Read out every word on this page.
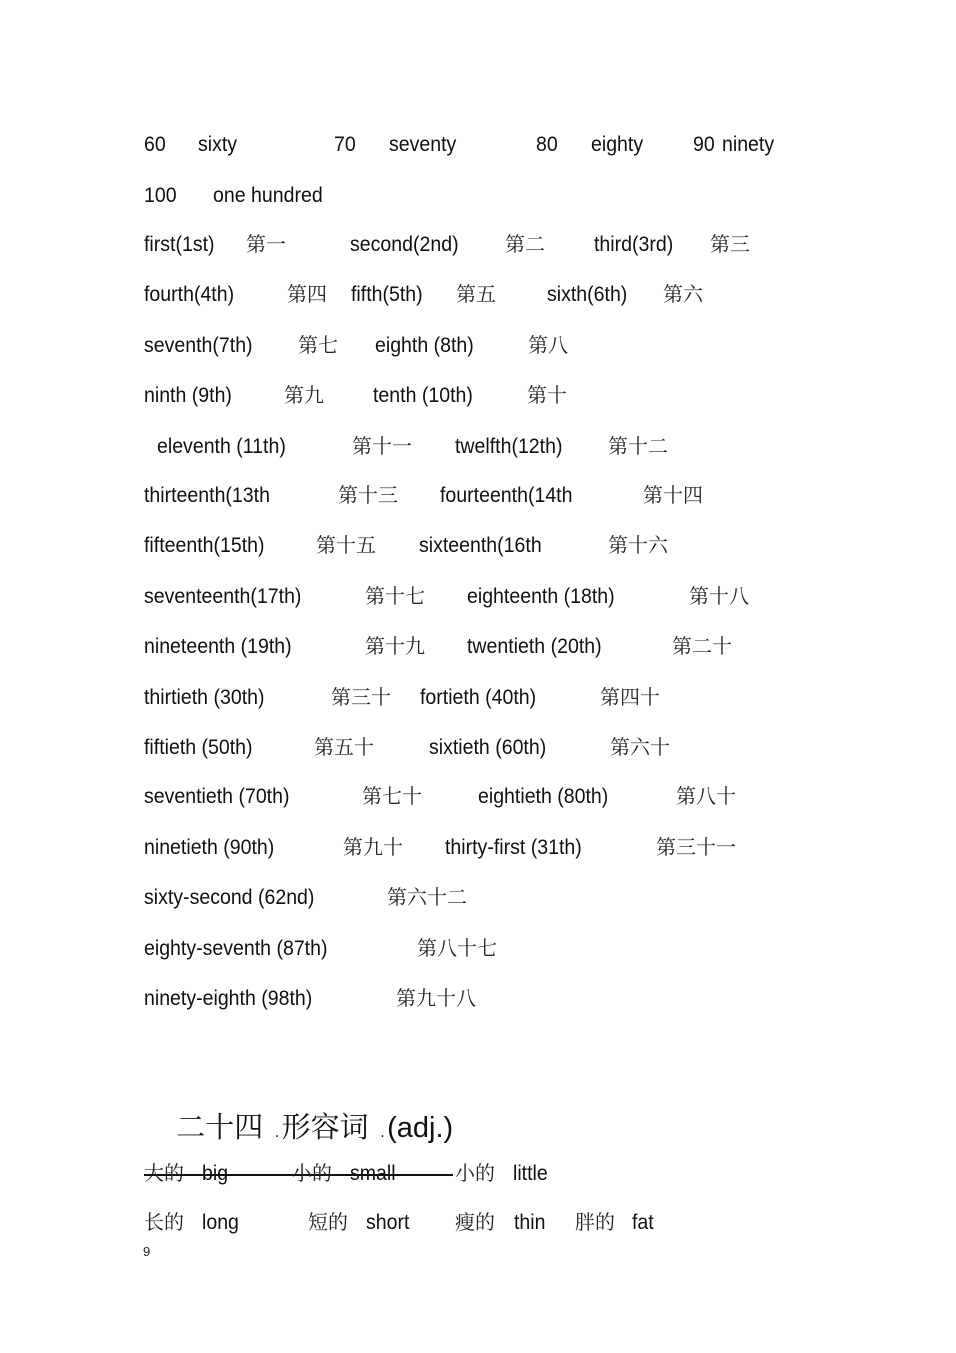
60 sixty	70 seventy	80 eighty 90 ninety
100 one hundred
first(1st) 第一	second(2nd) 第二 third(3rd) 第三
fourth(4th)	第四 fifth(5th) 第五 sixth(6th) 第六
seventh(7th) 第七 eighth (8th)	第八
ninth (9th)	第九 tenth (10th)	第十
eleventh (11th)	第十一 twelfth(12th) 第十二
thirteenth(13th	第十三 fourteenth(14th	第十四
fifteenth(15th)	第十五 sixteenth(16th	第十六
seventeenth(17th)	第十七 eighteenth (18th)	第十八
nineteenth (19th)	第十九 twentieth (20th)	第二十
thirtieth (30th)	第三十 fortieth (40th)	第四十
fiftieth (50th)	第五十	sixtieth (60th)	第六十
seventieth (70th)	第七十	eightieth (80th)	第八十
ninetieth (90th)	第九十 thirty-first (31th)	第三十一
sixty-second (62nd)	第六十二
eighty-seventh (87th)	第八十七
ninety-eighth (98th)	第九十八

二十四 .形容词 .(adj.)

大的 big	小的 small	小的 little
长的 long	短的 short 瘦的 thin 胖的 fat
9
